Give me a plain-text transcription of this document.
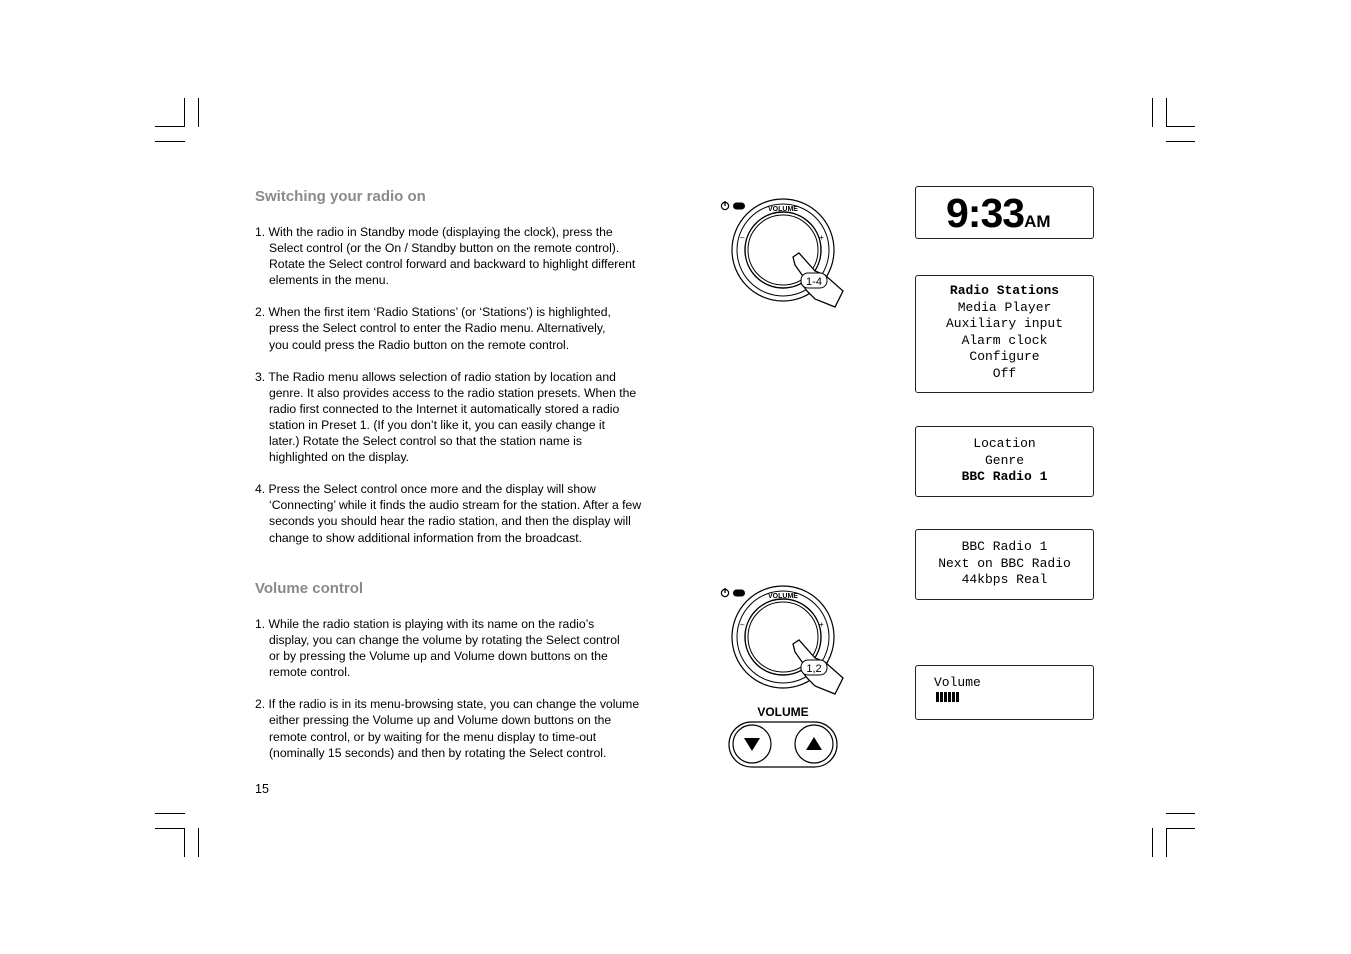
Switching your radio on
1. With the radio in Standby mode (displaying the clock), press the
Select control (or the On / Standby button on the remote control).
Rotate the Select control forward and backward to highlight different
elements in the menu.
2. When the first item ‘Radio Stations’ (or ‘Stations’) is highlighted,
press the Select control to enter the Radio menu. Alternatively,
you could press the Radio button on the remote control.
3. The Radio menu allows selection of radio station by location and
genre. It also provides access to the radio station presets. When the
radio first connected to the Internet it automatically stored a radio
station in Preset 1. (If you don’t like it, you can easily change it
later.) Rotate the Select control so that the station name is
highlighted on the display.
4. Press the Select control once more and the display will show
‘Connecting’ while it finds the audio stream for the station. After a few
seconds you should hear the radio station, and then the display will
change to show additional information from the broadcast.
Volume control
1. While the radio station is playing with its name on the radio’s
display, you can change the volume by rotating the Select control
or by pressing the Volume up and Volume down buttons on the
remote control.
2. If the radio is in its menu-browsing state, you can change the volume
either pressing the Volume up and Volume down buttons on the
remote control, or by waiting for the menu display to time-out
(nominally 15 seconds) and then by rotating the Select control.
15
VOLUME
–	+
1-4
VOLUME
–	+
1,2
VOLUME
9:33AM
Radio Stations
Media Player
Auxiliary input
Alarm clock
Configure
Off
Location
Genre
BBC Radio 1
BBC Radio 1
Next on BBC Radio
44kbps Real
Volume
